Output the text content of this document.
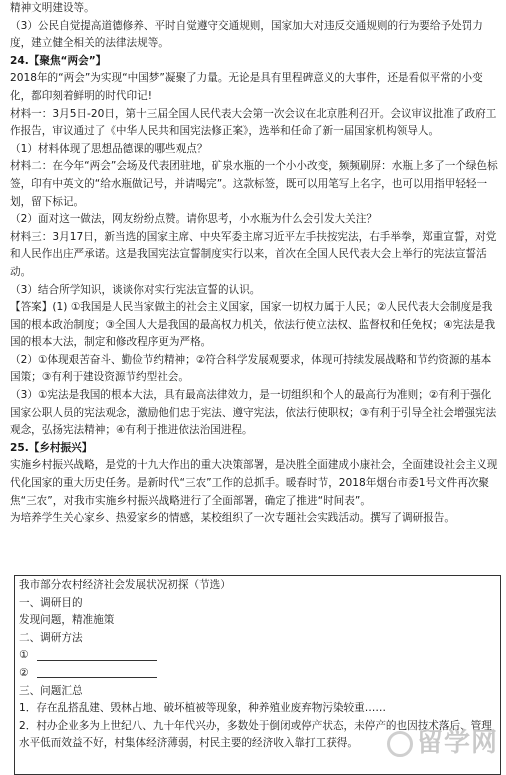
精神文明建设等。

（3）公民自觉提高道德修养、平时自觉遵守交通规则，国家加大对违反交通规则的行为要给予处罚力度，建立健全相关的法律法规等。

24.【聚焦“两会”】

2018年的“两会”为实现“中国梦”凝聚了力量。无论是具有里程碑意义的大事件，还是看似平常的小变化，都印刻着鲜明的时代印记!

材料一：3月5日-20日，第十三届全国人民代表大会第一次会议在北京胜利召开。会议审议批准了政府工作报告，审议通过了《中华人民共和国宪法修正案》，选举和任命了新一届国家机构领导人。

（1）材料体现了思想品德课的哪些观点？

材料二：在今年“两会”会场及代表团驻地，矿泉水瓶的一个小小改变，频频刷屏：水瓶上多了一个绿色标签，印有中英文的“给水瓶做记号，并请喝完”。这款标签，既可以用笔写上名字，也可以用指甲轻轻一划，留下标记。

（2）面对这一做法，网友纷纷点赞。请你思考，小水瓶为什么会引发大关注？

材料三：3月17日，新当选的国家主席、中央军委主席习近平左手扶按宪法，右手举拳，郑重宣誓，对党和人民作出庄严承诺。这是我国宪法宣誓制度实行以来，首次在全国人民代表大会上举行的宪法宣誓活动。

（3）结合所学知识，谈谈你对实行宪法宣誓的认识。

【答案】(1) ①我国是人民当家做主的社会主义国家，国家一切权力属于人民；②人民代表大会制度是我国的根本政治制度；③全国人大是我国的最高权力机关，依法行使立法权、监督权和任免权；④宪法是我国的根本大法，制定和修改程序更为严格。

（2）①体现艰苦奋斗、勤俭节约精神；②符合科学发展观要求，体现可持续发展战略和节约资源的基本国策；③有利于建设资源节约型社会。

（3）①宪法是我国的根本大法，具有最高法律效力，是一切组织和个人的最高行为准则；②有利于强化国家公职人员的宪法观念，激励他们忠于宪法、遵守宪法，依法行使职权；③有利于引导全社会增强宪法观念，弘扬宪法精神；④有利于推进依法治国进程。

25.【乡村振兴】

实施乡村振兴战略，是党的十九大作出的重大决策部署，是决胜全面建成小康社会，全面建设社会主义现代化国家的重大历史任务。是新时代“三农”工作的总抓手。暖春时节，2018年烟台市委1号文件再次聚焦“三农”，对我市实施乡村振兴战略进行了全面部署，确定了推进“时间表”。

为培养学生关心家乡、热爱家乡的情感，某校组织了一次专题社会实践活动。撰写了调研报告。

我市部分农村经济社会发展状况初探（节选）

一、调研目的

发现问题，精准施策

二、调研方法

①

②

三、问题汇总

1．存在乱搭乱建、毁林占地、破坏植被等现象，种养殖业废弃物污染较重……

2．村办企业多为上世纪八、九十年代兴办，多数处于倒闭或停产状态，未停产的也因技术落后、管理水平低而效益不好，村集体经济薄弱，村民主要的经济收入靠打工获得。	留学网
